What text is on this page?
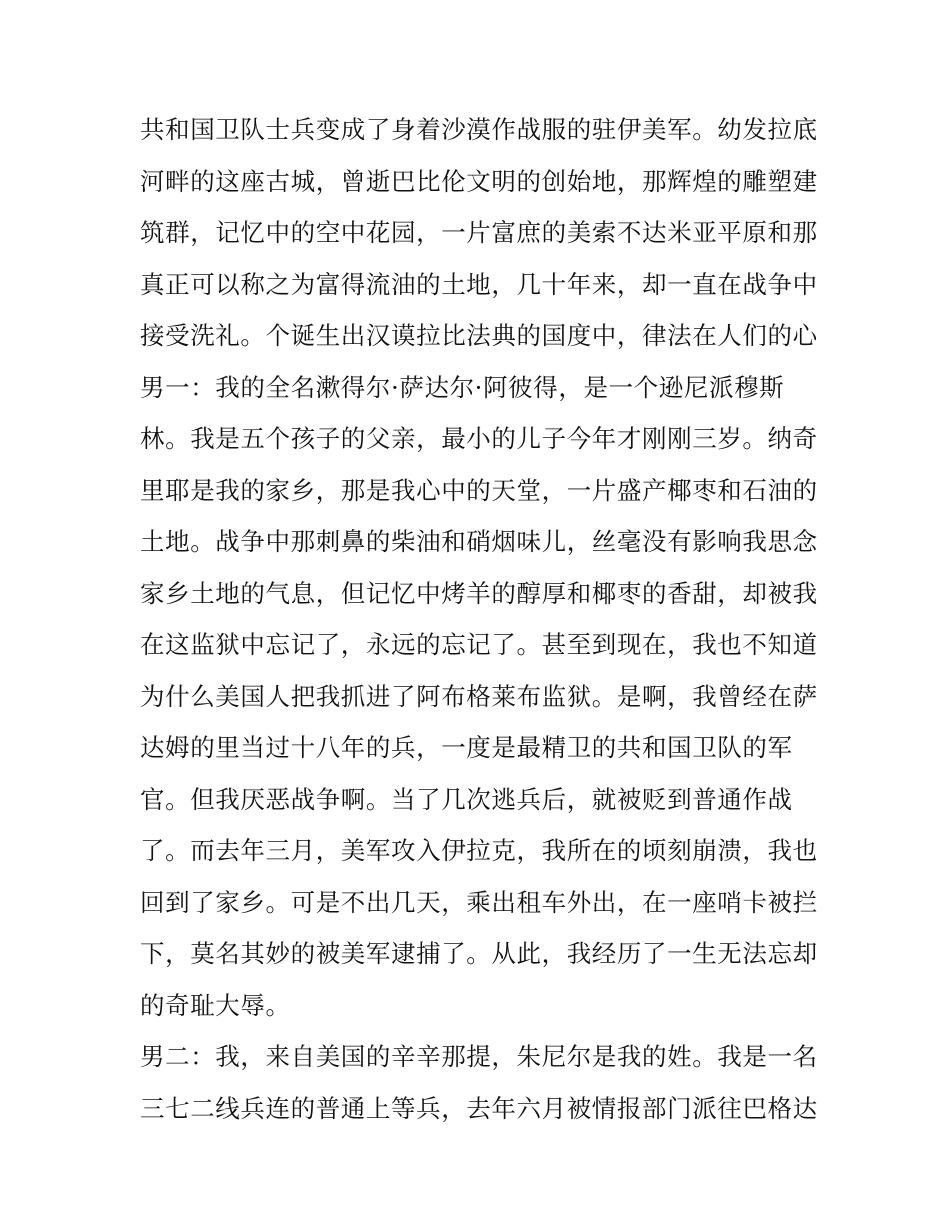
共和国卫队士兵变成了身着沙漠作战服的驻伊美军。幼发拉底
河畔的这座古城，曾逝巴比伦文明的创始地，那辉煌的雕塑建
筑群，记忆中的空中花园，一片富庶的美索不达米亚平原和那
真正可以称之为富得流油的土地，几十年来，却一直在战争中
接受洗礼。个诞生出汉谟拉比法典的国度中，律法在人们的心
男一：我的全名漱得尔·萨达尔·阿彼得，是一个逊尼派穆斯
林。我是五个孩子的父亲，最小的儿子今年才刚刚三岁。纳奇
里耶是我的家乡，那是我心中的天堂，一片盛产椰枣和石油的
土地。战争中那刺鼻的柴油和硝烟味儿，丝毫没有影响我思念
家乡土地的气息，但记忆中烤羊的醇厚和椰枣的香甜，却被我
在这监狱中忘记了，永远的忘记了。甚至到现在，我也不知道
为什么美国人把我抓进了阿布格莱布监狱。是啊，我曾经在萨
达姆的里当过十八年的兵，一度是最精卫的共和国卫队的军
官。但我厌恶战争啊。当了几次逃兵后，就被贬到普通作战
了。而去年三月，美军攻入伊拉克，我所在的顷刻崩溃，我也
回到了家乡。可是不出几天，乘出租车外出，在一座哨卡被拦
下，莫名其妙的被美军逮捕了。从此，我经历了一生无法忘却
的奇耻大辱。
男二：我，来自美国的辛辛那提，朱尼尔是我的姓。我是一名
三七二线兵连的普通上等兵，去年六月被情报部门派往巴格达
